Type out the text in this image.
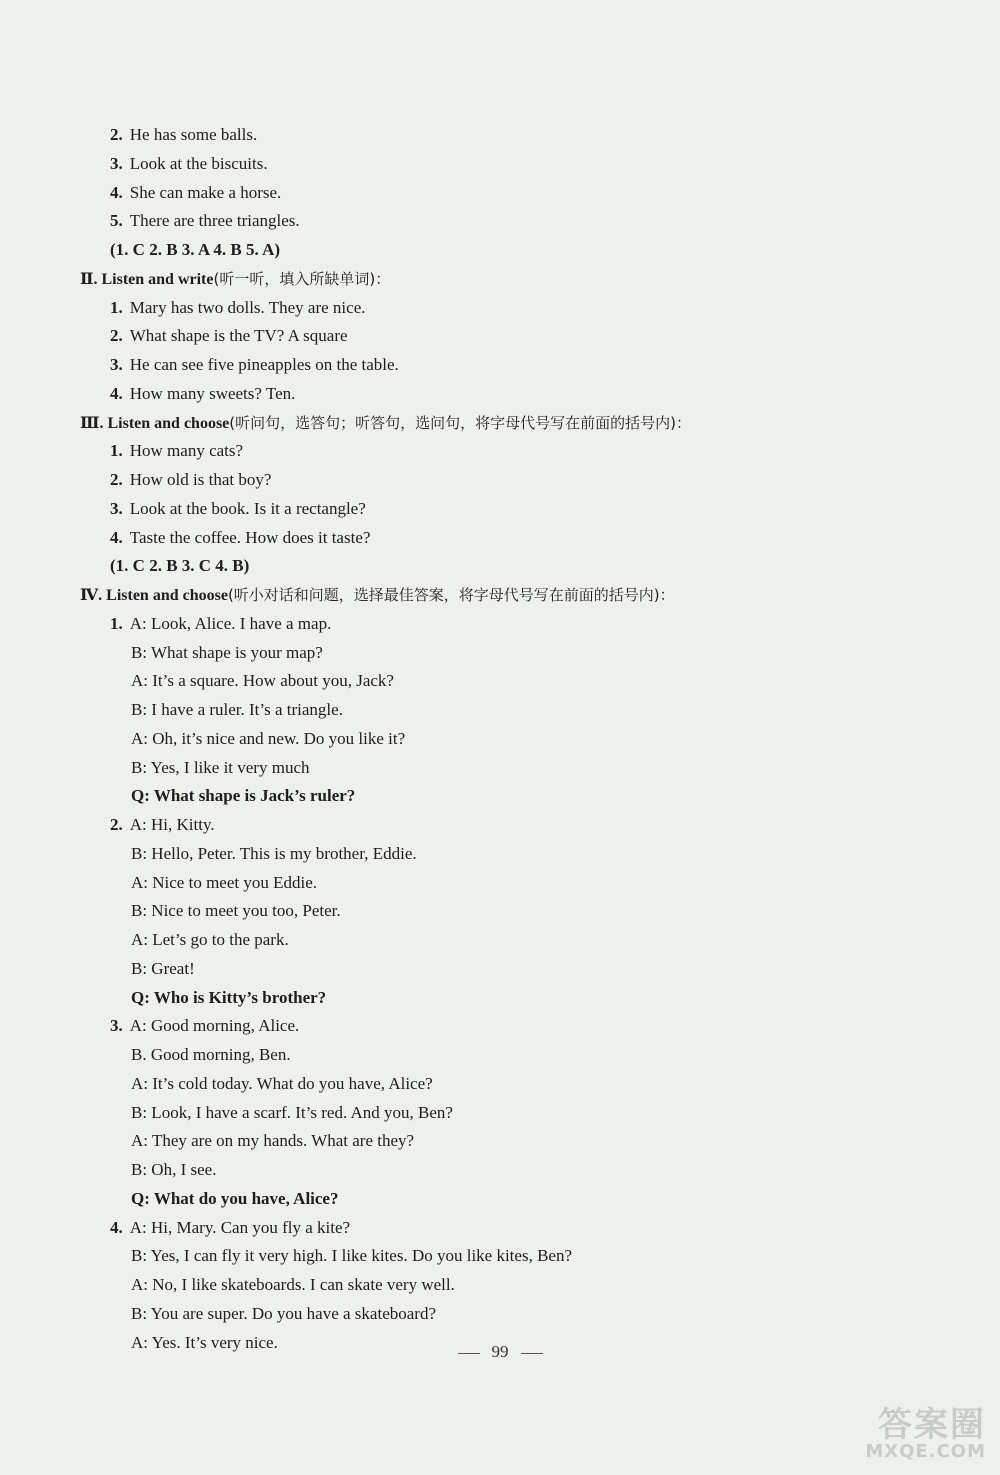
2. He has some balls.
3. Look at the biscuits.
4. She can make a horse.
5. There are three triangles.
(1. C 2. B 3. A 4. B 5. A)
Ⅱ. Listen and write(听一听，填入所缺单词)：
1. Mary has two dolls. They are nice.
2. What shape is the TV? A square
3. He can see five pineapples on the table.
4. How many sweets? Ten.
Ⅲ. Listen and choose(听问句，选答句；听答句，选问句，将字母代号写在前面的括号内)：
1. How many cats?
2. How old is that boy?
3. Look at the book. Is it a rectangle?
4. Taste the coffee. How does it taste?
(1. C 2. B 3. C 4. B)
Ⅳ. Listen and choose(听小对话和问题，选择最佳答案，将字母代号写在前面的括号内)：
1. A: Look, Alice. I have a map.
B: What shape is your map?
A: It’s a square. How about you, Jack?
B: I have a ruler. It’s a triangle.
A: Oh, it’s nice and new. Do you like it?
B: Yes, I like it very much
Q: What shape is Jack’s ruler?
2. A: Hi, Kitty.
B: Hello, Peter. This is my brother, Eddie.
A: Nice to meet you Eddie.
B: Nice to meet you too, Peter.
A: Let’s go to the park.
B: Great!
Q: Who is Kitty’s brother?
3. A: Good morning, Alice.
B. Good morning, Ben.
A: It’s cold today. What do you have, Alice?
B: Look, I have a scarf. It’s red. And you, Ben?
A: They are on my hands. What are they?
B: Oh, I see.
Q: What do you have, Alice?
4. A: Hi, Mary. Can you fly a kite?
B: Yes, I can fly it very high. I like kites. Do you like kites, Ben?
A: No, I like skateboards. I can skate very well.
B: You are super. Do you have a skateboard?
A: Yes. It’s very nice.	99
答案圈
MXQE.COM
